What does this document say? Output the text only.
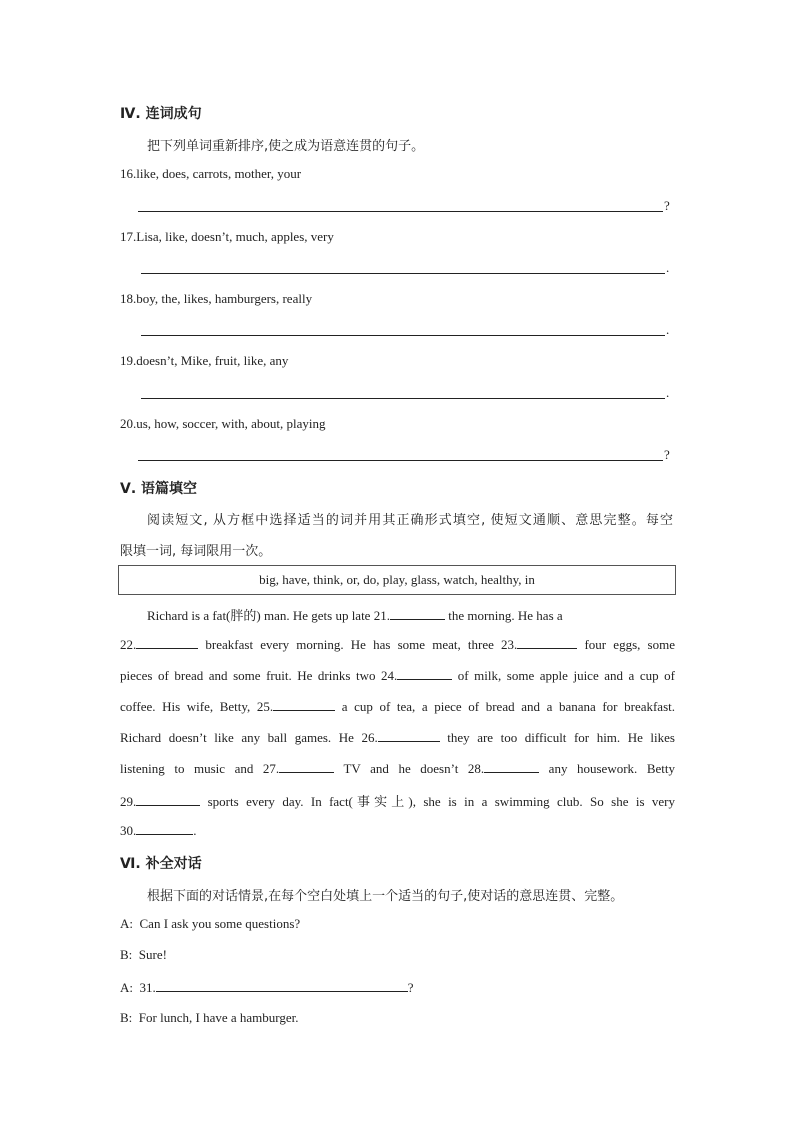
Ⅳ. 连词成句
把下列单词重新排序,使之成为语意连贯的句子。
16.like, does, carrots, mother, your
?
17.Lisa, like, doesn’t, much, apples, very
.
18.boy, the, likes, hamburgers, really
.
19.doesn’t, Mike, fruit, like, any
.
20.us, how, soccer, with, about, playing
?
Ⅴ. 语篇填空
阅读短文, 从方框中选择适当的词并用其正确形式填空, 使短文通顺、意思完整。每空
限填一词, 每词限用一次。
big, have, think, or, do, play, glass, watch, healthy, in
Richard is a fat(胖的) man. He gets up late 21.	the morning. He has a
22.	breakfast every morning. He has some meat, three 23.	four eggs, some
pieces of bread and some fruit. He drinks two 24.	of milk, some apple juice and a cup of
coffee. His wife, Betty, 25.	a cup of tea, a piece of bread and a banana for breakfast.
Richard doesn’t like any ball games. He 26.	they are too difficult for him. He likes
listening to music and 27.	TV and he doesn’t 28.	any housework. Betty
29.	sports every day. In fact(事实上), she is in a swimming club. So she is very
30.	.
Ⅵ. 补全对话
根据下面的对话情景,在每个空白处填上一个适当的句子,使对话的意思连贯、完整。
A: Can I ask you some questions?
B: Sure!
A: 31.	?
B: For lunch, I have a hamburger.
